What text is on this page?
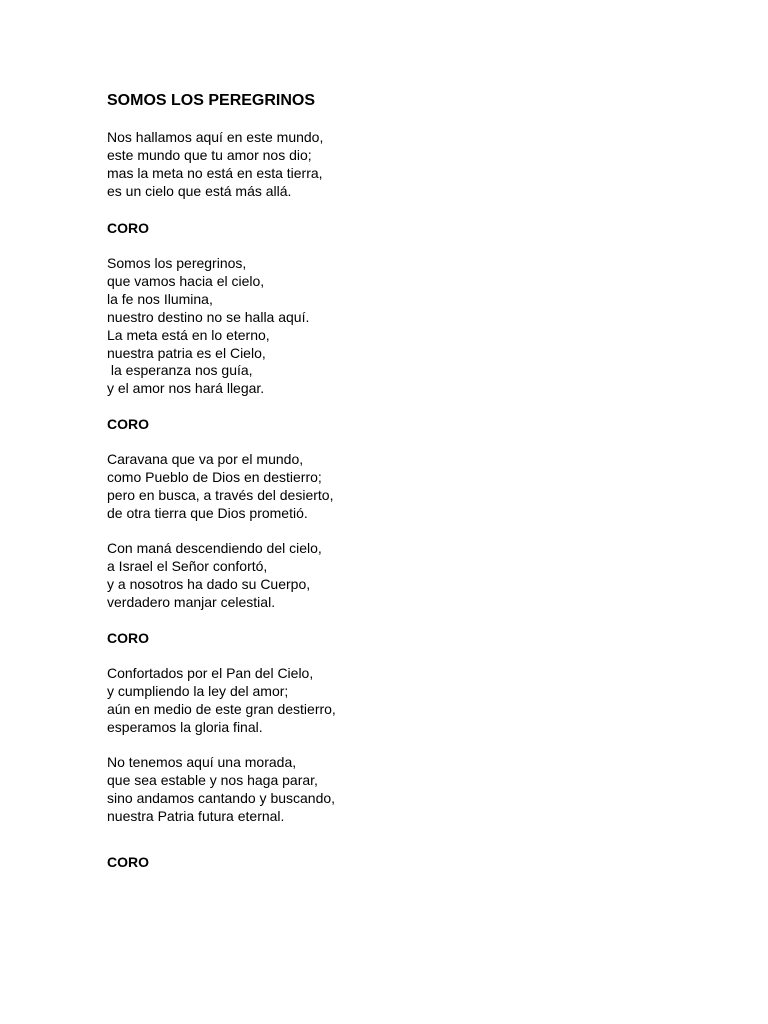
SOMOS LOS PEREGRINOS
Nos hallamos aquí en este mundo,
este mundo que tu amor nos dio;
mas la meta no está en esta tierra,
es un cielo que está más allá.
CORO
Somos los peregrinos,
que vamos hacia el cielo,
la fe nos Ilumina,
nuestro destino no se halla aquí.
La meta está en lo eterno,
nuestra patria es el Cielo,
la esperanza nos guía,
y el amor nos hará llegar.
CORO
Caravana que va por el mundo,
como Pueblo de Dios en destierro;
pero en busca, a través del desierto,
de otra tierra que Dios prometió.
Con maná descendiendo del cielo,
a Israel el Señor confortó,
y a nosotros ha dado su Cuerpo,
verdadero manjar celestial.
CORO
Confortados por el Pan del Cielo,
y cumpliendo la ley del amor;
aún en medio de este gran destierro,
esperamos la gloria final.
No tenemos aquí una morada,
que sea estable y nos haga parar,
sino andamos cantando y buscando,
nuestra Patria futura eternal.
CORO
